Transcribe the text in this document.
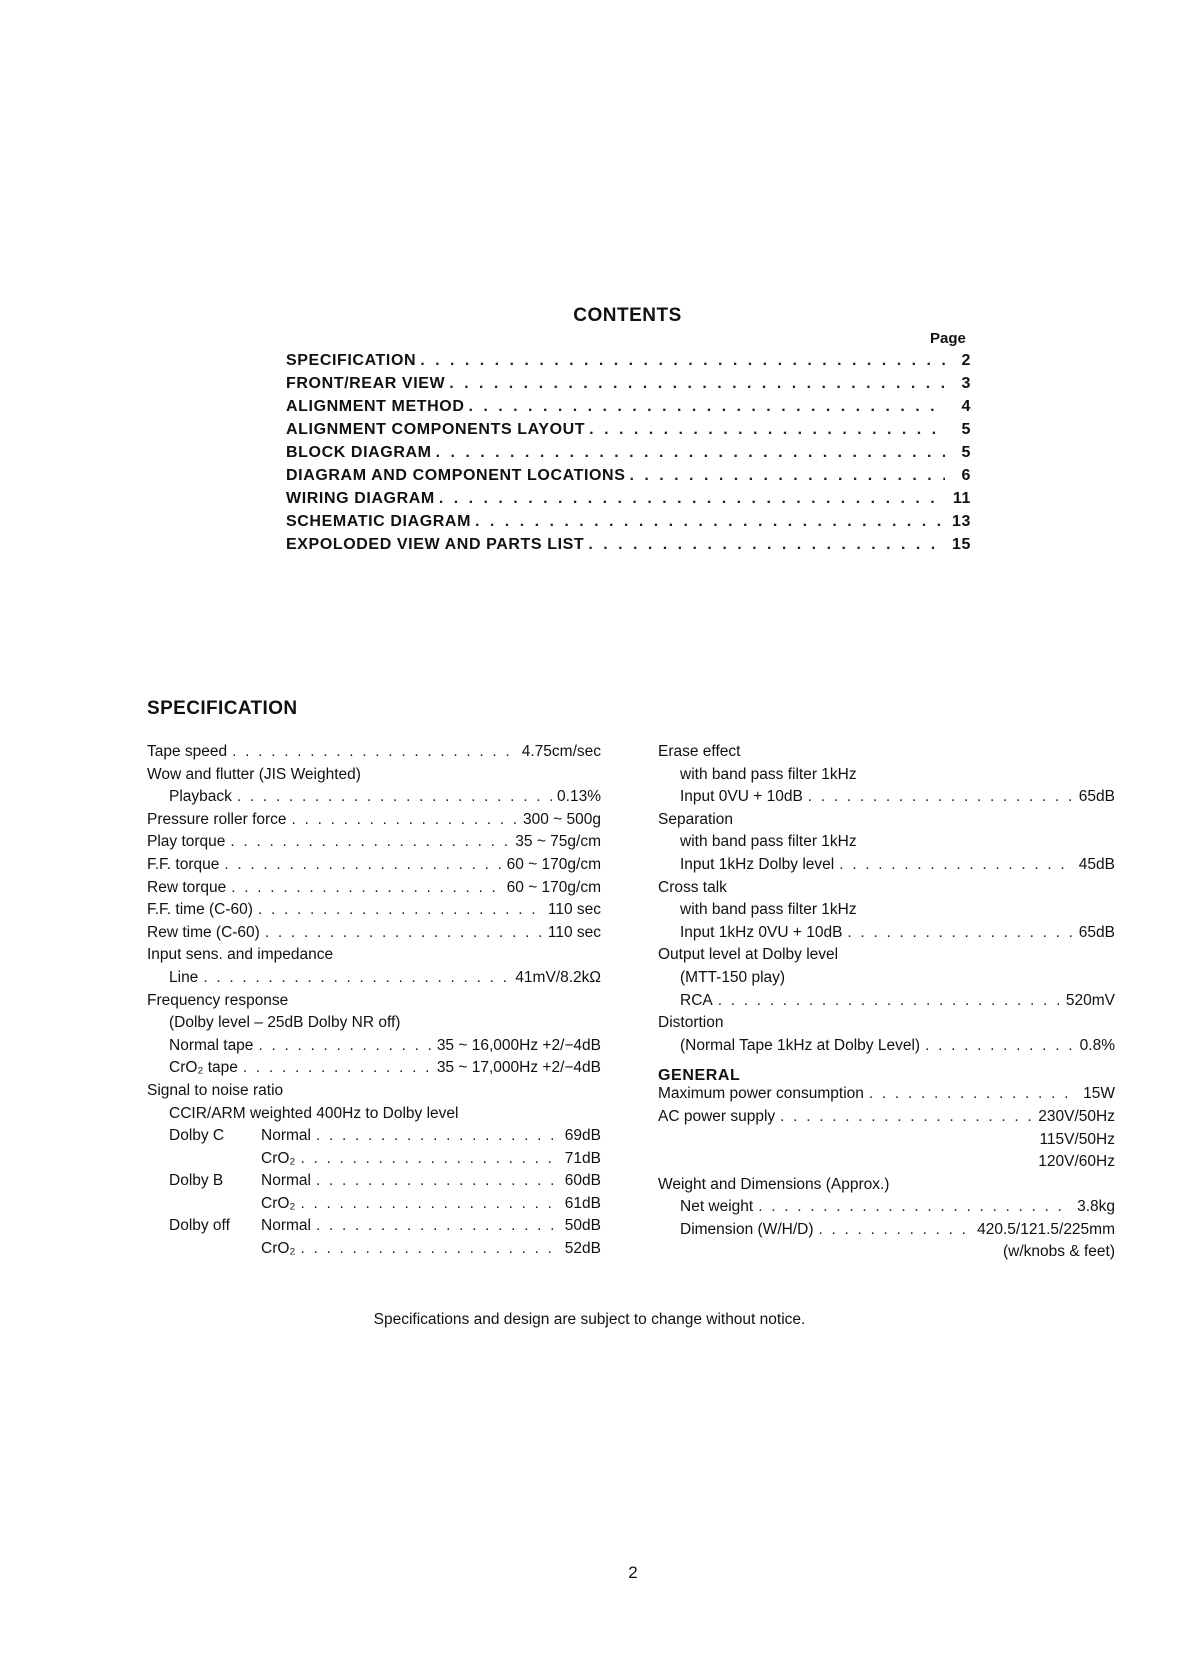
CONTENTS
Page
SPECIFICATION . . .	2
FRONT/REAR VIEW . . .	3
ALIGNMENT METHOD . . .	4
ALIGNMENT COMPONENTS LAYOUT . . .	5
BLOCK DIAGRAM . . .	5
DIAGRAM AND COMPONENT LOCATIONS . . .	6
WIRING DIAGRAM . . .	11
SCHEMATIC DIAGRAM . . .	13
EXPOLODED VIEW AND PARTS LIST . . .	15
SPECIFICATION
Tape speed . . .	4.75cm/sec
Wow and flutter (JIS Weighted)
Playback . . .	0.13%
Pressure roller force . . .	300 ~ 500g
Play torque . . .	35 ~ 75g/cm
F.F. torque . . .	60 ~ 170g/cm
Rew torque . . .	60 ~ 170g/cm
F.F. time (C-60) . . .	110 sec
Rew time (C-60) . . .	110 sec
Input sens. and impedance
Line . . .	41mV/8.2kΩ
Frequency response
(Dolby level – 25dB Dolby NR off)
Normal tape . . .	35 ~ 16,000Hz +2/−4dB
CrO₂ tape . . .	35 ~ 17,000Hz +2/−4dB
Signal to noise ratio
CCIR/ARM weighted 400Hz to Dolby level
Dolby C	Normal . . .	69dB
CrO₂ . . .	71dB
Dolby B	Normal . . .	60dB
CrO₂ . . .	61dB
Dolby off	Normal . . .	50dB
CrO₂ . . .	52dB
Erase effect
with band pass filter 1kHz
Input 0VU + 10dB . . .	65dB
Separation
with band pass filter 1kHz
Input 1kHz Dolby level . . .	45dB
Cross talk
with band pass filter 1kHz
Input 1kHz 0VU + 10dB . . .	65dB
Output level at Dolby level
(MTT-150 play)
RCA . . .	520mV
Distortion
(Normal Tape 1kHz at Dolby Level) . . .	0.8%
GENERAL
Maximum power consumption . . .	15W
AC power supply . . .	230V/50Hz
115V/50Hz
120V/60Hz
Weight and Dimensions (Approx.)
Net weight . . .	3.8kg
Dimension (W/H/D) . . .	420.5/121.5/225mm
(w/knobs & feet)
Specifications and design are subject to change without notice.
2
